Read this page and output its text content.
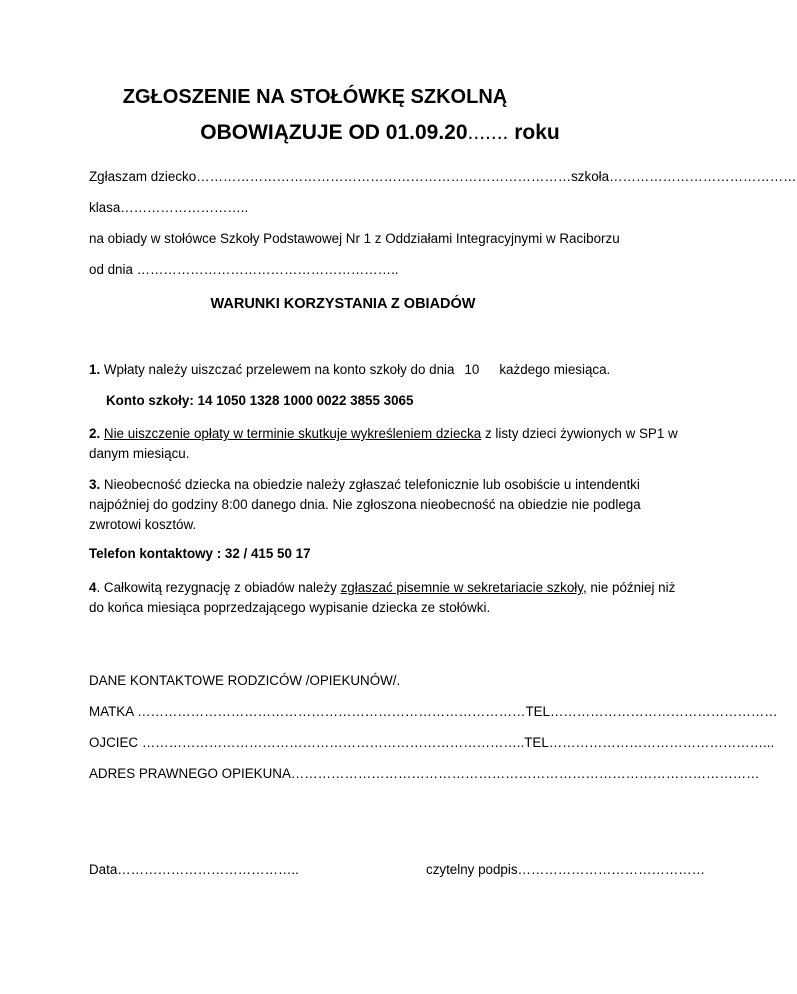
ZGŁOSZENIE NA STOŁÓWKĘ SZKOLNĄ
OBOWIĄZUJE OD 01.09.20....... roku
Zgłaszam dziecko…………………………………………………………………………szkoła……………………………………
klasa………………………..
na obiady w stołówce Szkoły Podstawowej Nr 1 z Oddziałami Integracyjnymi w Raciborzu
od dnia …………………………………………………..
WARUNKI KORZYSTANIA Z OBIADÓW
1. Wpłaty należy uiszczać przelewem na konto szkoły do dnia 10 każdego miesiąca.
Konto szkoły: 14 1050 1328 1000 0022 3855 3065
2. Nie uiszczenie opłaty w terminie skutkuje wykreśleniem dziecka z listy dzieci żywionych w SP1 w danym miesiącu.
3. Nieobecność dziecka na obiedzie należy zgłaszać telefonicznie lub osobiście u intendentki najpóźniej do godziny 8:00 danego dnia. Nie zgłoszona nieobecność na obiedzie nie podlega zwrotowi kosztów.
Telefon kontaktowy : 32 / 415 50 17
4. Całkowitą rezygnację z obiadów należy zgłaszać pisemnie w sekretariacie szkoły, nie później niż do końca miesiąca poprzedzającego wypisanie dziecka ze stołówki.
DANE KONTAKTOWE RODZICÓW /OPIEKUNÓW/.
MATKA ……………………………………………………………………………TEL……………………………………………
OJCIEC …………………………………………………………………………..TEL…………………………………………...
ADRES PRAWNEGO OPIEKUNA……………………………………………………………………………………………
Data…………………………………..	czytelny podpis……………………………………
